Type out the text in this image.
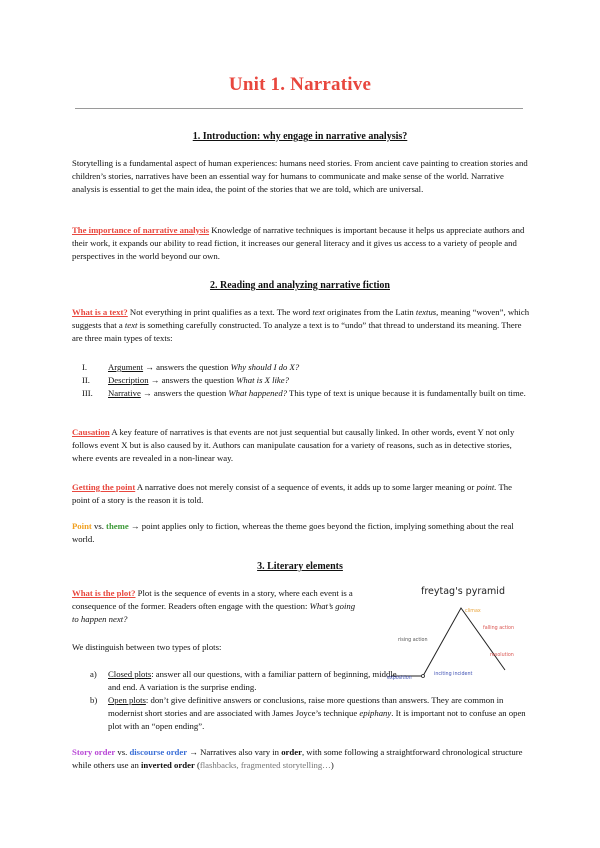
Unit 1. Narrative
1. Introduction: why engage in narrative analysis?
Storytelling is a fundamental aspect of human experiences: humans need stories. From ancient cave painting to creation stories and children’s stories, narratives have been an essential way for humans to communicate and make sense of the world. Narrative analysis is essential to get the main idea, the point of the stories that we are told, which are universal.
The importance of narrative analysis Knowledge of narrative techniques is important because it helps us appreciate authors and their work, it expands our ability to read fiction, it increases our general literacy and it gives us access to a variety of people and perspectives in the world beyond our own.
2. Reading and analyzing narrative fiction
What is a text? Not everything in print qualifies as a text. The word text originates from the Latin textus, meaning “woven”, which suggests that a text is something carefully constructed. To analyze a text is to “undo” that thread to understand its meaning. There are three main types of texts:
I.	Argument → answers the question Why should I do X?
II.	Description → answers the question What is X like?
III.	Narrative → answers the question What happened? This type of text is unique because it is fundamentally built on time.
Causation A key feature of narratives is that events are not just sequential but causally linked. In other words, event Y not only follows event X but is also caused by it. Authors can manipulate causation for a variety of reasons, such as in detective stories, where events are revealed in a non-linear way.
Getting the point A narrative does not merely consist of a sequence of events, it adds up to some larger meaning or point. The point of a story is the reason it is told.
Point vs. theme → point applies only to fiction, whereas the theme goes beyond the fiction, implying something about the real world.
3. Literary elements
What is the plot? Plot is the sequence of events in a story, where each event is a consequence of the former. Readers often engage with the question: What’s going to happen next?
We distinguish between two types of plots:
a)	Closed plots: answer all our questions, with a familiar pattern of beginning, middle and end. A variation is the surprise ending.
b)	Open plots: don’t give definitive answers or conclusions, raise more questions than answers. They are common in modernist short stories and are associated with James Joyce’s technique epiphany. It is important not to confuse an open plot with an “open ending”.
Story order vs. discourse order → Narratives also vary in order, with some following a straightforward chronological structure while others use an inverted order (flashbacks, fragmented storytelling…)
freytag's pyramid
climax
rising action
falling action
exposition
inciting incident
resolution
